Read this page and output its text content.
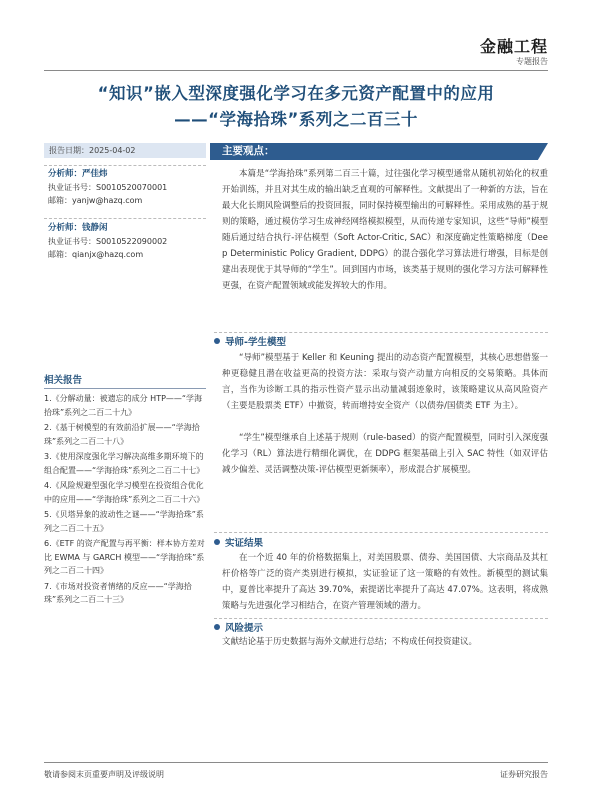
金融工程
专题报告
“知识”嵌入型深度强化学习在多元资产配置中的应用
——“学海拾珠”系列之二百三十
报告日期：2025-04-02
分析师：严佳炜
执业证书号：S0010520070001
邮箱：yanjw@hazq.com
分析师：钱静闲
执业证书号：S0010522090002
邮箱：qianjx@hazq.com
相关报告
1.《分解动量：被遗忘的成分 HTP——“学海拾珠”系列之二百二十九》
2.《基于树模型的有效前沿扩展——“学海拾珠”系列之二百二十八》
3.《使用深度强化学习解决高维多期环境下的组合配置——“学海拾珠”系列之二百二十七》
4.《风险规避型强化学习模型在投资组合优化中的应用——“学海拾珠”系列之二百二十六》
5.《贝塔异象的波动性之谜——“学海拾珠”系列之二百二十五》
6.《ETF 的资产配置与再平衡：样本协方差对比 EWMA 与 GARCH 模型——“学海拾珠”系列之二百二十四》
7.《市场对投资者情绪的反应——“学海拾珠”系列之二百二十三》
主要观点：

本篇是“学海拾珠”系列第二百三十篇，过往强化学习模型通常从随机初始化的权重开始训练，并且对其生成的输出缺乏直观的可解释性。文献提出了一种新的方法，旨在最大化长期风险调整后的投资回报，同时保持模型输出的可解释性。采用成熟的基于规则的策略，通过模仿学习生成神经网络模拟模型，从而传递专家知识，这些“导师”模型随后通过结合执行-评估模型（Soft Actor-Critic, SAC）和深度确定性策略梯度（Deep Deterministic Policy Gradient, DDPG）的混合强化学习算法进行增强，目标是创建出表现优于其导师的“学生”。回到国内市场，该类基于规则的强化学习方法可解释性更强，在资产配置领域或能发挥较大的作用。

导师-学生模型

“导师”模型基于 Keller 和 Keuning 提出的动态资产配置模型，其核心思想借鉴一种更稳健且潜在收益更高的投资方法：采取与资产动量方向相反的交易策略。具体而言，当作为诊断工具的指示性资产显示出动量减弱迹象时，该策略建议从高风险资产（主要是股票类 ETF）中撤资，转而增持安全资产（以债券/国债类 ETF 为主）。

“学生”模型继承自上述基于规则（rule-based）的资产配置模型，同时引入深度强化学习（RL）算法进行精细化调优，在 DDPG 框架基础上引入 SAC 特性（如双评估减少偏差、灵活调整决策-评估模型更新频率），形成混合扩展模型。

实证结果

在一个近 40 年的价格数据集上，对美国股票、债券、美国国债、大宗商品及其杠杆价格等广泛的资产类别进行模拟，实证验证了这一策略的有效性。新模型的测试集中，夏普比率提升了高达 39.70%，索提诺比率提升了高达 47.07%。这表明，将成熟策略与先进强化学习相结合，在资产管理领域的潜力。

风险提示

文献结论基于历史数据与海外文献进行总结；不构成任何投资建议。

敬请参阅末页重要声明及评级说明	证券研究报告
